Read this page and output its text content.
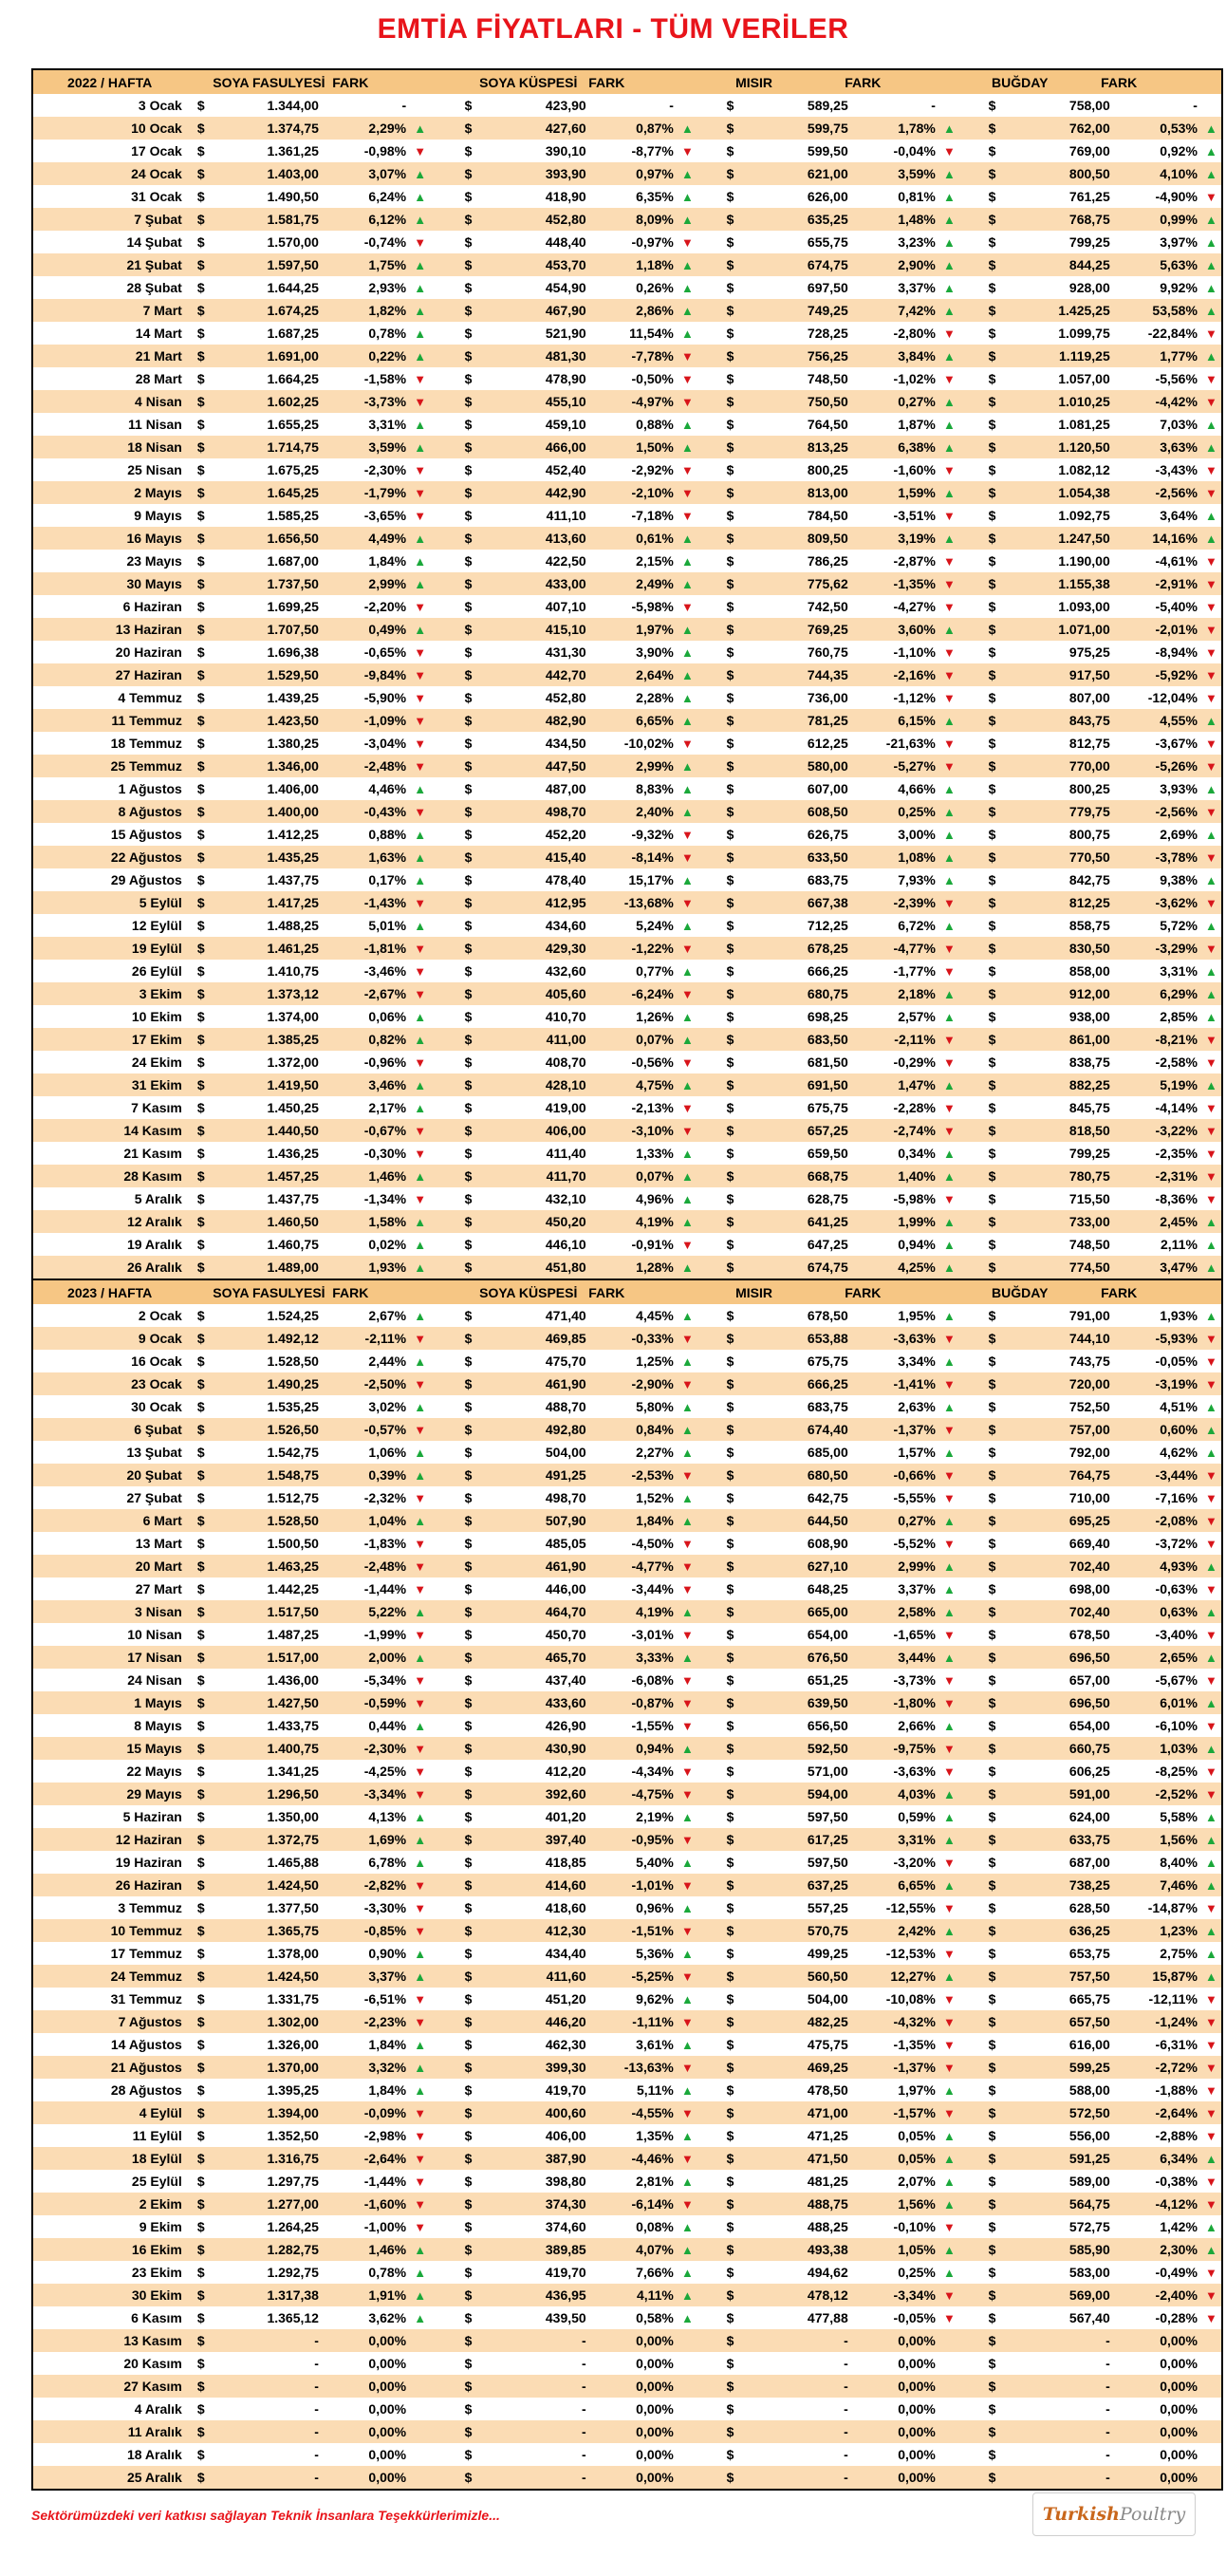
EMTİA FİYATLARI - TÜM VERİLER
2022 / HAFTA	SOYA FASULYESİ FARK	SOYA KÜSPESİ FARK	MISIR	FARK	BUĞDAY	FARK
3 Ocak	$	1.344,00	-	$	423,90	-	$	589,25	-	$	758,00	-
10 Ocak	$	1.374,75	2,29% ▲	$	427,60	0,87% ▲ $	599,75	1,78% ▲ $	762,00	0,53% ▲
17 Ocak	$	1.361,25	-0,98% ▼	$	390,10	-8,77% ▼ $	599,50	-0,04% ▼ $	769,00	0,92% ▲
24 Ocak	$	1.403,00	3,07% ▲	$	393,90	0,97% ▲ $	621,00	3,59% ▲ $	800,50	4,10% ▲
31 Ocak	$	1.490,50	6,24% ▲	$	418,90	6,35% ▲ $	626,00	0,81% ▲ $	761,25	-4,90% ▼
7 Şubat	$	1.581,75	6,12% ▲	$	452,80	8,09% ▲ $	635,25	1,48% ▲ $	768,75	0,99% ▲
14 Şubat	$	1.570,00	-0,74% ▼	$	448,40	-0,97% ▼ $	655,75	3,23% ▲ $	799,25	3,97% ▲
21 Şubat	$	1.597,50	1,75% ▲	$	453,70	1,18% ▲ $	674,75	2,90% ▲ $	844,25	5,63% ▲
28 Şubat	$	1.644,25	2,93% ▲	$	454,90	0,26% ▲ $	697,50	3,37% ▲ $	928,00	9,92% ▲
7 Mart	$	1.674,25	1,82% ▲	$	467,90	2,86% ▲ $	749,25	7,42% ▲ $	1.425,25	53,58% ▲
14 Mart	$	1.687,25	0,78% ▲	$	521,90	11,54% ▲ $	728,25	-2,80% ▼ $	1.099,75	-22,84% ▼
21 Mart	$	1.691,00	0,22% ▲	$	481,30	-7,78% ▼ $	756,25	3,84% ▲ $	1.119,25	1,77% ▲
28 Mart	$	1.664,25	-1,58% ▼	$	478,90	-0,50% ▼ $	748,50	-1,02% ▼ $	1.057,00	-5,56% ▼
4 Nisan	$	1.602,25	-3,73% ▼	$	455,10	-4,97% ▼ $	750,50	0,27% ▲ $	1.010,25	-4,42% ▼
11 Nisan	$	1.655,25	3,31% ▲	$	459,10	0,88% ▲ $	764,50	1,87% ▲ $	1.081,25	7,03% ▲
18 Nisan	$	1.714,75	3,59% ▲	$	466,00	1,50% ▲ $	813,25	6,38% ▲ $	1.120,50	3,63% ▲
25 Nisan	$	1.675,25	-2,30% ▼	$	452,40	-2,92% ▼ $	800,25	-1,60% ▼ $	1.082,12	-3,43% ▼
2 Mayıs	$	1.645,25	-1,79% ▼	$	442,90	-2,10% ▼ $	813,00	1,59% ▲ $	1.054,38	-2,56% ▼
9 Mayıs	$	1.585,25	-3,65% ▼	$	411,10	-7,18% ▼ $	784,50	-3,51% ▼ $	1.092,75	3,64% ▲
16 Mayıs	$	1.656,50	4,49% ▲	$	413,60	0,61% ▲ $	809,50	3,19% ▲ $	1.247,50	14,16% ▲
23 Mayıs	$	1.687,00	1,84% ▲	$	422,50	2,15% ▲ $	786,25	-2,87% ▼ $	1.190,00	-4,61% ▼
30 Mayıs	$	1.737,50	2,99% ▲	$	433,00	2,49% ▲ $	775,62	-1,35% ▼ $	1.155,38	-2,91% ▼
6 Haziran	$	1.699,25	-2,20% ▼	$	407,10	-5,98% ▼ $	742,50	-4,27% ▼ $	1.093,00	-5,40% ▼
13 Haziran	$	1.707,50	0,49% ▲	$	415,10	1,97% ▲ $	769,25	3,60% ▲ $	1.071,00	-2,01% ▼
20 Haziran	$	1.696,38	-0,65% ▼	$	431,30	3,90% ▲ $	760,75	-1,10% ▼ $	975,25	-8,94% ▼
27 Haziran	$	1.529,50	-9,84% ▼	$	442,70	2,64% ▲ $	744,35	-2,16% ▼ $	917,50	-5,92% ▼
4 Temmuz	$	1.439,25	-5,90% ▼	$	452,80	2,28% ▲ $	736,00	-1,12% ▼ $	807,00	-12,04% ▼
11 Temmuz	$	1.423,50	-1,09% ▼	$	482,90	6,65% ▲ $	781,25	6,15% ▲ $	843,75	4,55% ▲
18 Temmuz	$	1.380,25	-3,04% ▼	$	434,50	-10,02% ▼ $	612,25	-21,63% ▼ $	812,75	-3,67% ▼
25 Temmuz	$	1.346,00	-2,48% ▼	$	447,50	2,99% ▲ $	580,00	-5,27% ▼ $	770,00	-5,26% ▼
1 Ağustos	$	1.406,00	4,46% ▲	$	487,00	8,83% ▲ $	607,00	4,66% ▲ $	800,25	3,93% ▲
8 Ağustos	$	1.400,00	-0,43% ▼	$	498,70	2,40% ▲ $	608,50	0,25% ▲ $	779,75	-2,56% ▼
15 Ağustos	$	1.412,25	0,88% ▲	$	452,20	-9,32% ▼ $	626,75	3,00% ▲ $	800,75	2,69% ▲
22 Ağustos	$	1.435,25	1,63% ▲	$	415,40	-8,14% ▼ $	633,50	1,08% ▲ $	770,50	-3,78% ▼
29 Ağustos	$	1.437,75	0,17% ▲	$	478,40	15,17% ▲ $	683,75	7,93% ▲ $	842,75	9,38% ▲
5 Eylül	$	1.417,25	-1,43% ▼	$	412,95	-13,68% ▼ $	667,38	-2,39% ▼ $	812,25	-3,62% ▼
12 Eylül	$	1.488,25	5,01% ▲	$	434,60	5,24% ▲ $	712,25	6,72% ▲ $	858,75	5,72% ▲
19 Eylül	$	1.461,25	-1,81% ▼	$	429,30	-1,22% ▼ $	678,25	-4,77% ▼ $	830,50	-3,29% ▼
26 Eylül	$	1.410,75	-3,46% ▼	$	432,60	0,77% ▲ $	666,25	-1,77% ▼ $	858,00	3,31% ▲
3 Ekim	$	1.373,12	-2,67% ▼	$	405,60	-6,24% ▼ $	680,75	2,18% ▲ $	912,00	6,29% ▲
10 Ekim	$	1.374,00	0,06% ▲	$	410,70	1,26% ▲ $	698,25	2,57% ▲ $	938,00	2,85% ▲
17 Ekim	$	1.385,25	0,82% ▲	$	411,00	0,07% ▲ $	683,50	-2,11% ▼ $	861,00	-8,21% ▼
24 Ekim	$	1.372,00	-0,96% ▼	$	408,70	-0,56% ▼ $	681,50	-0,29% ▼ $	838,75	-2,58% ▼
31 Ekim	$	1.419,50	3,46% ▲	$	428,10	4,75% ▲ $	691,50	1,47% ▲ $	882,25	5,19% ▲
7 Kasım	$	1.450,25	2,17% ▲	$	419,00	-2,13% ▼ $	675,75	-2,28% ▼ $	845,75	-4,14% ▼
14 Kasım	$	1.440,50	-0,67% ▼	$	406,00	-3,10% ▼ $	657,25	-2,74% ▼ $	818,50	-3,22% ▼
21 Kasım	$	1.436,25	-0,30% ▼	$	411,40	1,33% ▲ $	659,50	0,34% ▲ $	799,25	-2,35% ▼
28 Kasım	$	1.457,25	1,46% ▲	$	411,70	0,07% ▲ $	668,75	1,40% ▲ $	780,75	-2,31% ▼
5 Aralık	$	1.437,75	-1,34% ▼	$	432,10	4,96% ▲ $	628,75	-5,98% ▼ $	715,50	-8,36% ▼
12 Aralık	$	1.460,50	1,58% ▲	$	450,20	4,19% ▲ $	641,25	1,99% ▲ $	733,00	2,45% ▲
19 Aralık	$	1.460,75	0,02% ▲	$	446,10	-0,91% ▼ $	647,25	0,94% ▲ $	748,50	2,11% ▲
26 Aralık	$	1.489,00	1,93% ▲	$	451,80	1,28% ▲ $	674,75	4,25% ▲ $	774,50	3,47% ▲
2023 / HAFTA	SOYA FASULYESİ FARK	SOYA KÜSPESİ FARK	MISIR	FARK	BUĞDAY	FARK
2 Ocak	$	1.524,25	2,67% ▲	$	471,40	4,45% ▲ $	678,50	1,95% ▲ $	791,00	1,93% ▲
9 Ocak	$	1.492,12	-2,11% ▼	$	469,85	-0,33% ▼ $	653,88	-3,63% ▼ $	744,10	-5,93% ▼
16 Ocak	$	1.528,50	2,44% ▲	$	475,70	1,25% ▲ $	675,75	3,34% ▲ $	743,75	-0,05% ▼
23 Ocak	$	1.490,25	-2,50% ▼	$	461,90	-2,90% ▼ $	666,25	-1,41% ▼ $	720,00	-3,19% ▼
30 Ocak	$	1.535,25	3,02% ▲	$	488,70	5,80% ▲ $	683,75	2,63% ▲ $	752,50	4,51% ▲
6 Şubat	$	1.526,50	-0,57% ▼	$	492,80	0,84% ▲ $	674,40	-1,37% ▼ $	757,00	0,60% ▲
13 Şubat	$	1.542,75	1,06% ▲	$	504,00	2,27% ▲ $	685,00	1,57% ▲ $	792,00	4,62% ▲
20 Şubat	$	1.548,75	0,39% ▲	$	491,25	-2,53% ▼ $	680,50	-0,66% ▼ $	764,75	-3,44% ▼
27 Şubat	$	1.512,75	-2,32% ▼	$	498,70	1,52% ▲ $	642,75	-5,55% ▼ $	710,00	-7,16% ▼
6 Mart	$	1.528,50	1,04% ▲	$	507,90	1,84% ▲ $	644,50	0,27% ▲ $	695,25	-2,08% ▼
13 Mart	$	1.500,50	-1,83% ▼	$	485,05	-4,50% ▼ $	608,90	-5,52% ▼ $	669,40	-3,72% ▼
20 Mart	$	1.463,25	-2,48% ▼	$	461,90	-4,77% ▼ $	627,10	2,99% ▲ $	702,40	4,93% ▲
27 Mart	$	1.442,25	-1,44% ▼	$	446,00	-3,44% ▼ $	648,25	3,37% ▲ $	698,00	-0,63% ▼
3 Nisan	$	1.517,50	5,22% ▲	$	464,70	4,19% ▲ $	665,00	2,58% ▲ $	702,40	0,63% ▲
10 Nisan	$	1.487,25	-1,99% ▼	$	450,70	-3,01% ▼ $	654,00	-1,65% ▼ $	678,50	-3,40% ▼
17 Nisan	$	1.517,00	2,00% ▲	$	465,70	3,33% ▲ $	676,50	3,44% ▲ $	696,50	2,65% ▲
24 Nisan	$	1.436,00	-5,34% ▼	$	437,40	-6,08% ▼ $	651,25	-3,73% ▼ $	657,00	-5,67% ▼
1 Mayıs	$	1.427,50	-0,59% ▼	$	433,60	-0,87% ▼ $	639,50	-1,80% ▼ $	696,50	6,01% ▲
8 Mayıs	$	1.433,75	0,44% ▲	$	426,90	-1,55% ▼ $	656,50	2,66% ▲ $	654,00	-6,10% ▼
15 Mayıs	$	1.400,75	-2,30% ▼	$	430,90	0,94% ▲ $	592,50	-9,75% ▼ $	660,75	1,03% ▲
22 Mayıs	$	1.341,25	-4,25% ▼	$	412,20	-4,34% ▼ $	571,00	-3,63% ▼ $	606,25	-8,25% ▼
29 Mayıs	$	1.296,50	-3,34% ▼	$	392,60	-4,75% ▼ $	594,00	4,03% ▲ $	591,00	-2,52% ▼
5 Haziran	$	1.350,00	4,13% ▲	$	401,20	2,19% ▲ $	597,50	0,59% ▲ $	624,00	5,58% ▲
12 Haziran	$	1.372,75	1,69% ▲	$	397,40	-0,95% ▼ $	617,25	3,31% ▲ $	633,75	1,56% ▲
19 Haziran	$	1.465,88	6,78% ▲	$	418,85	5,40% ▲ $	597,50	-3,20% ▼ $	687,00	8,40% ▲
26 Haziran	$	1.424,50	-2,82% ▼	$	414,60	-1,01% ▼ $	637,25	6,65% ▲ $	738,25	7,46% ▲
3 Temmuz	$	1.377,50	-3,30% ▼	$	418,60	0,96% ▲ $	557,25	-12,55% ▼ $	628,50	-14,87% ▼
10 Temmuz	$	1.365,75	-0,85% ▼	$	412,30	-1,51% ▼ $	570,75	2,42% ▲ $	636,25	1,23% ▲
17 Temmuz	$	1.378,00	0,90% ▲	$	434,40	5,36% ▲ $	499,25	-12,53% ▼ $	653,75	2,75% ▲
24 Temmuz	$	1.424,50	3,37% ▲	$	411,60	-5,25% ▼ $	560,50	12,27% ▲ $	757,50	15,87% ▲
31 Temmuz	$	1.331,75	-6,51% ▼	$	451,20	9,62% ▲ $	504,00	-10,08% ▼ $	665,75	-12,11% ▼
7 Ağustos	$	1.302,00	-2,23% ▼	$	446,20	-1,11% ▼ $	482,25	-4,32% ▼ $	657,50	-1,24% ▼
14 Ağustos	$	1.326,00	1,84% ▲	$	462,30	3,61% ▲ $	475,75	-1,35% ▼ $	616,00	-6,31% ▼
21 Ağustos	$	1.370,00	3,32% ▲	$	399,30	-13,63% ▼ $	469,25	-1,37% ▼ $	599,25	-2,72% ▼
28 Ağustos	$	1.395,25	1,84% ▲	$	419,70	5,11% ▲ $	478,50	1,97% ▲ $	588,00	-1,88% ▼
4 Eylül	$	1.394,00	-0,09% ▼	$	400,60	-4,55% ▼ $	471,00	-1,57% ▼ $	572,50	-2,64% ▼
11 Eylül	$	1.352,50	-2,98% ▼	$	406,00	1,35% ▲ $	471,25	0,05% ▲ $	556,00	-2,88% ▼
18 Eylül	$	1.316,75	-2,64% ▼	$	387,90	-4,46% ▼ $	471,50	0,05% ▲ $	591,25	6,34% ▲
25 Eylül	$	1.297,75	-1,44% ▼	$	398,80	2,81% ▲ $	481,25	2,07% ▲ $	589,00	-0,38% ▼
2 Ekim	$	1.277,00	-1,60% ▼	$	374,30	-6,14% ▼ $	488,75	1,56% ▲ $	564,75	-4,12% ▼
9 Ekim	$	1.264,25	-1,00% ▼	$	374,60	0,08% ▲ $	488,25	-0,10% ▼ $	572,75	1,42% ▲
16 Ekim	$	1.282,75	1,46% ▲	$	389,85	4,07% ▲ $	493,38	1,05% ▲ $	585,90	2,30% ▲
23 Ekim	$	1.292,75	0,78% ▲	$	419,70	7,66% ▲ $	494,62	0,25% ▲ $	583,00	-0,49% ▼
30 Ekim	$	1.317,38	1,91% ▲	$	436,95	4,11% ▲ $	478,12	-3,34% ▼ $	569,00	-2,40% ▼
6 Kasım	$	1.365,12	3,62% ▲	$	439,50	0,58% ▲ $	477,88	-0,05% ▼ $	567,40	-0,28% ▼
13 Kasım	$	-	0,00%	$	-	0,00%	$	-	0,00%	$	-	0,00%
20 Kasım	$	-	0,00%	$	-	0,00%	$	-	0,00%	$	-	0,00%
27 Kasım	$	-	0,00%	$	-	0,00%	$	-	0,00%	$	-	0,00%
4 Aralık	$	-	0,00%	$	-	0,00%	$	-	0,00%	$	-	0,00%
11 Aralık	$	-	0,00%	$	-	0,00%	$	-	0,00%	$	-	0,00%
18 Aralık	$	-	0,00%	$	-	0,00%	$	-	0,00%	$	-	0,00%
25 Aralık	$	-	0,00%	$	-	0,00%	$	-	0,00%	$	-	0,00%
Sektörümüzdeki veri katkısı sağlayan Teknik İnsanlara Teşekkürlerimizle...	Turkish Poultry
